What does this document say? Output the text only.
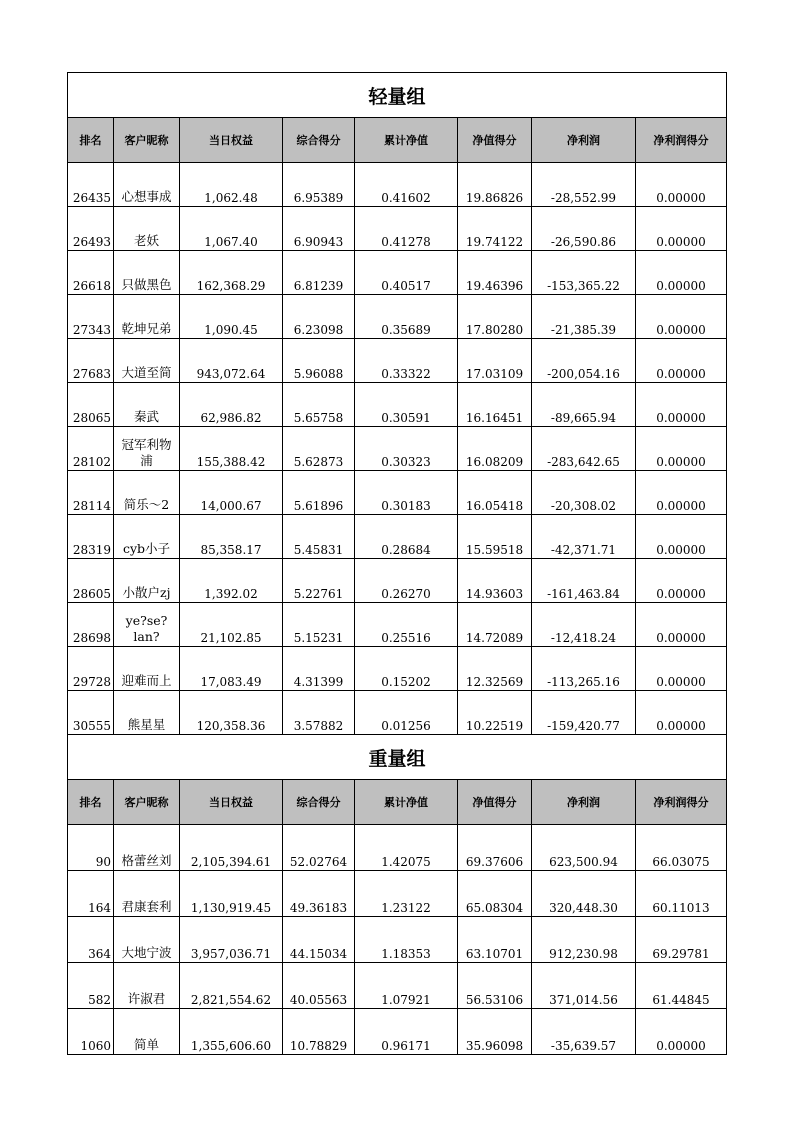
轻量组							
排名	客户昵称	当日权益	综合得分	累计净值	净值得分	净利润	净利润得分
26435	心想事成	1,062.48	6.95389	0.41602	19.86826	-28,552.99	0.00000
26493	老妖	1,067.40	6.90943	0.41278	19.74122	-26,590.86	0.00000
26618	只做黑色	162,368.29	6.81239	0.40517	19.46396	-153,365.22	0.00000
27343	乾坤兄弟	1,090.45	6.23098	0.35689	17.80280	-21,385.39	0.00000
27683	大道至简	943,072.64	5.96088	0.33322	17.03109	-200,054.16	0.00000
28065	秦武	62,986.82	5.65758	0.30591	16.16451	-89,665.94	0.00000
28102	冠军利物浦	155,388.42	5.62873	0.30323	16.08209	-283,642.65	0.00000
28114	简乐～2	14,000.67	5.61896	0.30183	16.05418	-20,308.02	0.00000
28319	cyb小子	85,358.17	5.45831	0.28684	15.59518	-42,371.71	0.00000
28605	小散户zj	1,392.02	5.22761	0.26270	14.93603	-161,463.84	0.00000
28698	ye?se?lan?	21,102.85	5.15231	0.25516	14.72089	-12,418.24	0.00000
29728	迎难而上	17,083.49	4.31399	0.15202	12.32569	-113,265.16	0.00000
30555	熊星星	120,358.36	3.57882	0.01256	10.22519	-159,420.77	0.00000
重量组							
排名	客户昵称	当日权益	综合得分	累计净值	净值得分	净利润	净利润得分
90	格蕾丝刘	2,105,394.61	52.02764	1.42075	69.37606	623,500.94	66.03075
164	君康套利	1,130,919.45	49.36183	1.23122	65.08304	320,448.30	60.11013
364	大地宁波	3,957,036.71	44.15034	1.18353	63.10701	912,230.98	69.29781
582	许淑君	2,821,554.62	40.05563	1.07921	56.53106	371,014.56	61.44845
1060	简单	1,355,606.60	10.78829	0.96171	35.96098	-35,639.57	0.00000
